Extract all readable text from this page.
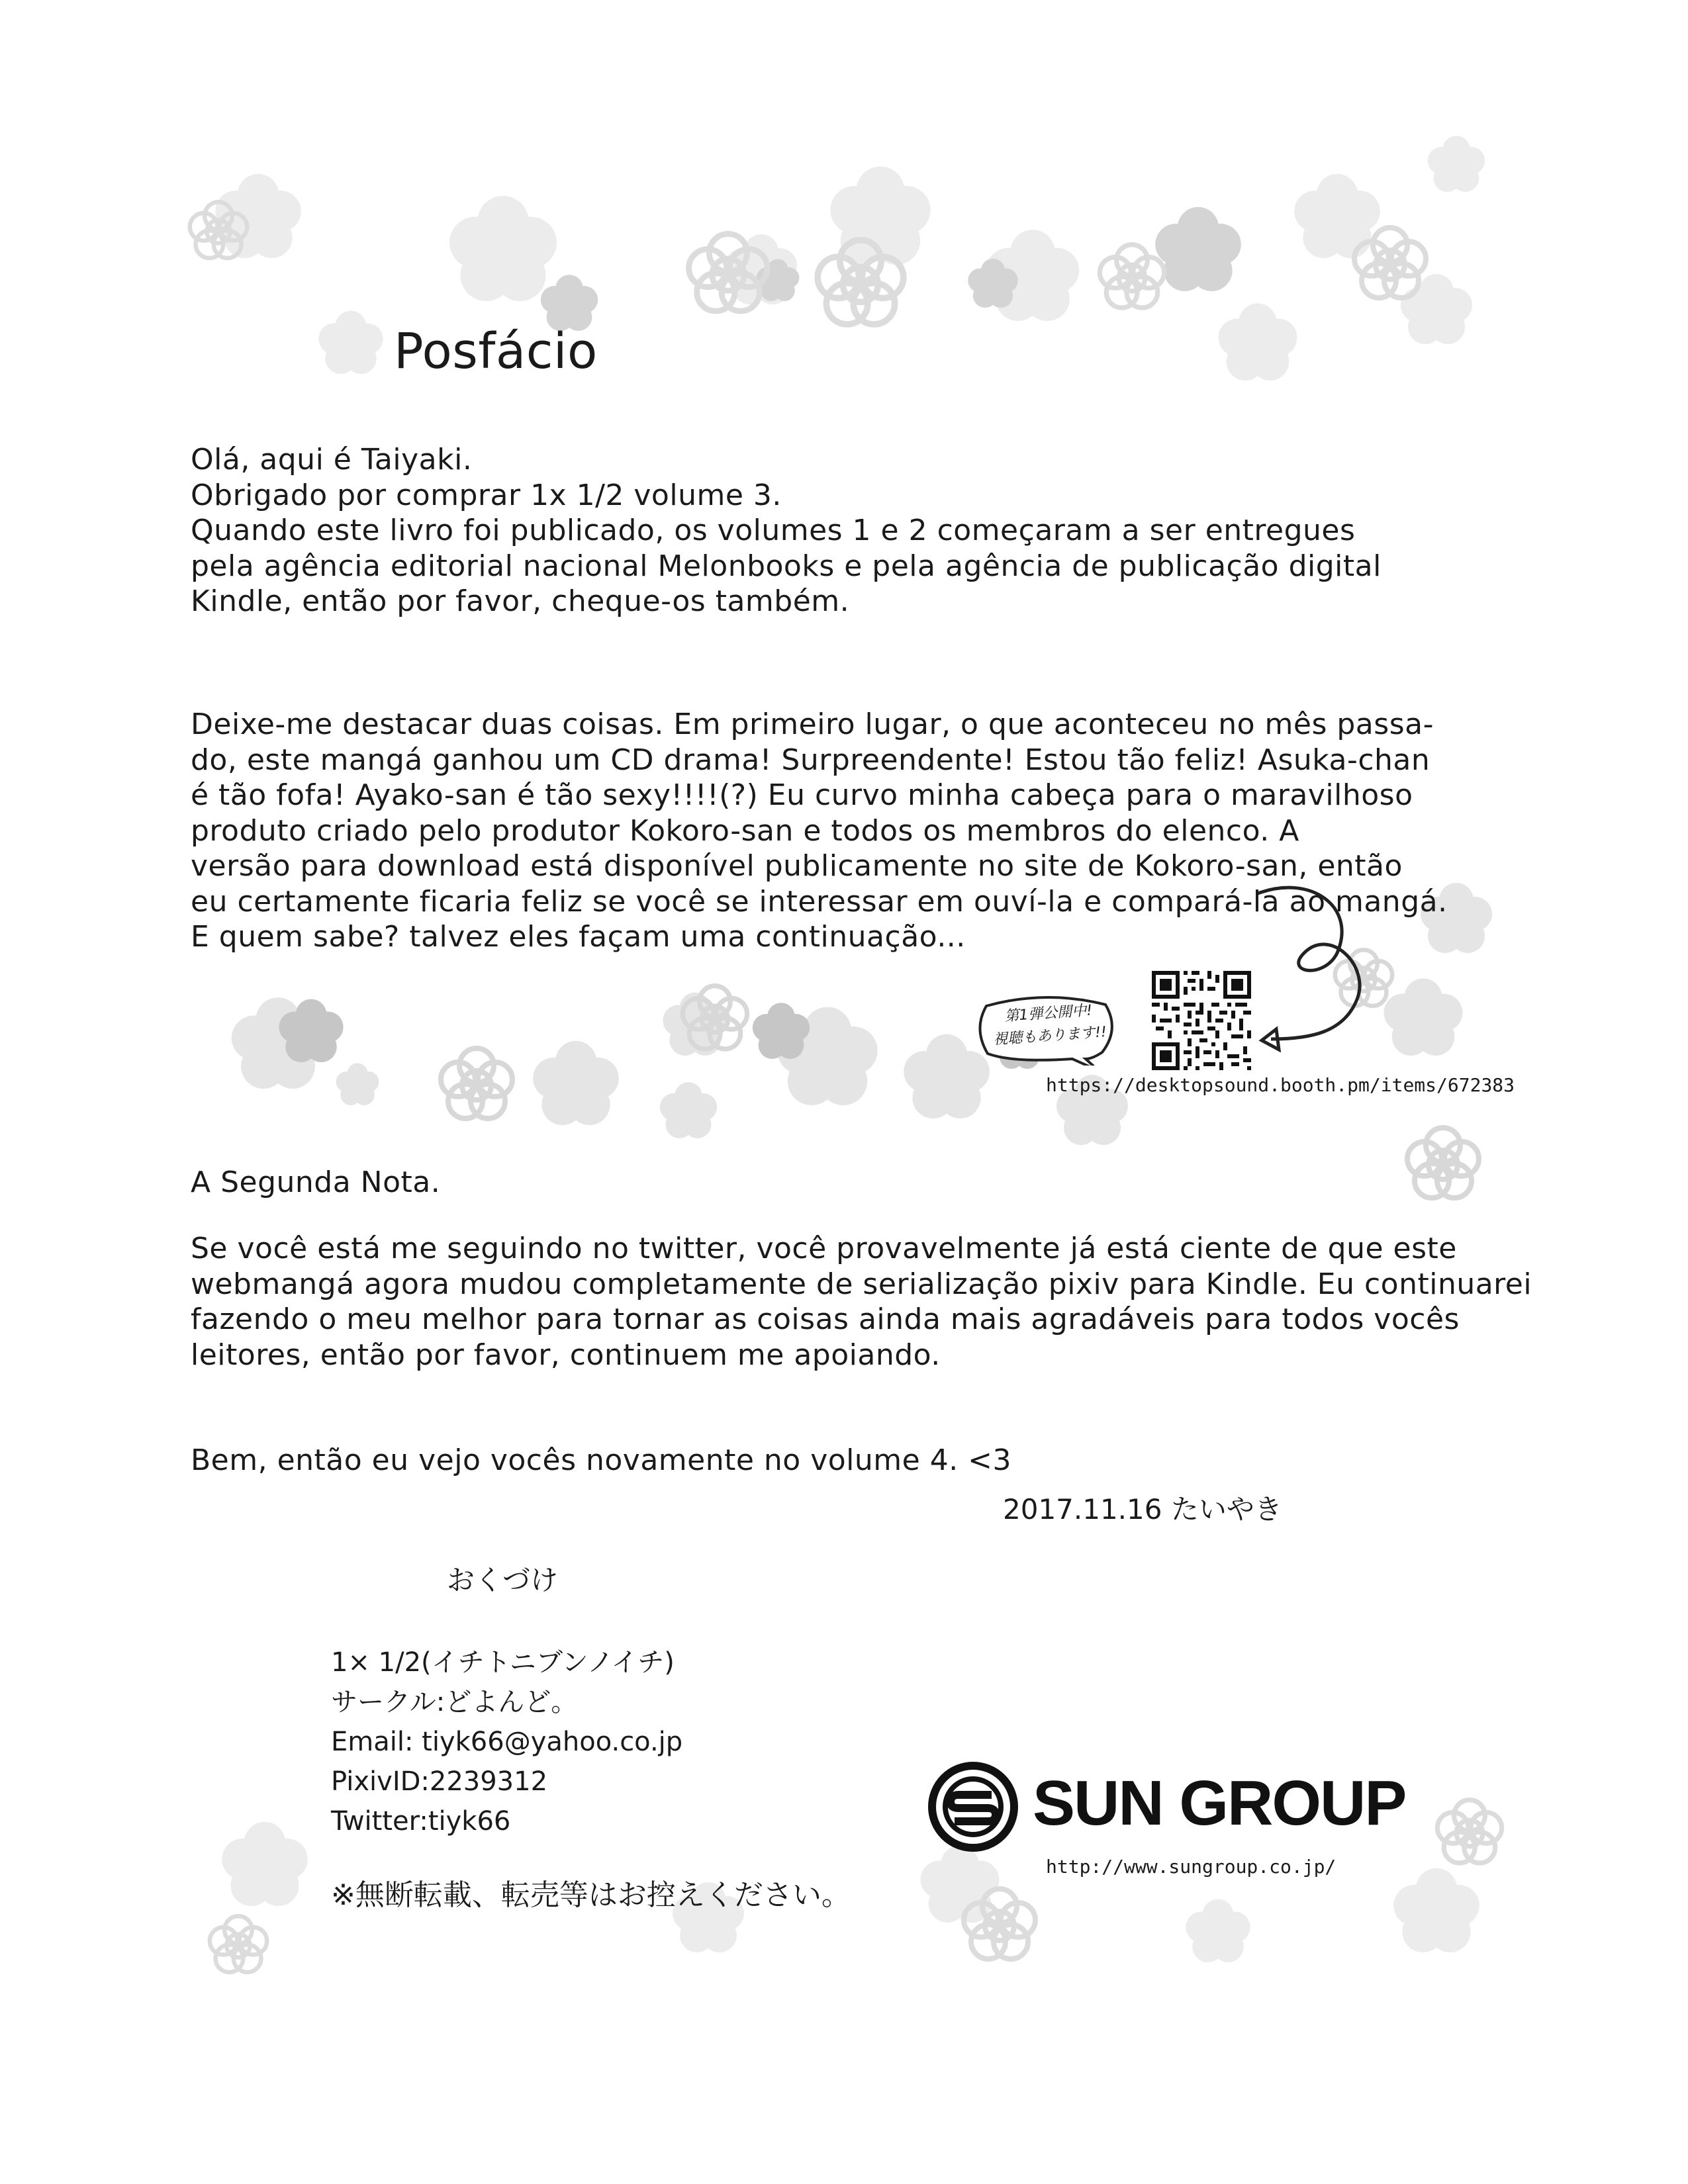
Posfácio
Olá, aqui é Taiyaki.
Obrigado por comprar 1x 1/2 volume 3.
Quando este livro foi publicado, os volumes 1 e 2 começaram a ser entregues
pela agência editorial nacional Melonbooks e pela agência de publicação digital
Kindle, então por favor, cheque-os também.
Deixe-me destacar duas coisas. Em primeiro lugar, o que aconteceu no mês passa-
do, este mangá ganhou um CD drama! Surpreendente! Estou tão feliz! Asuka-chan
é tão fofa! Ayako-san é tão sexy!!!!(?) Eu curvo minha cabeça para o maravilhoso
produto criado pelo produtor Kokoro-san e todos os membros do elenco. A
versão para download está disponível publicamente no site de Kokoro-san, então
eu certamente ficaria feliz se você se interessar em ouví-la e compará-la ao mangá.
E quem sabe? talvez eles façam uma continuação...
第1弾公開中!
視聴もあります!!
https://desktopsound.booth.pm/items/672383
A Segunda Nota.
Se você está me seguindo no twitter, você provavelmente já está ciente de que este
webmangá agora mudou completamente de serialização pixiv para Kindle. Eu continuarei
fazendo o meu melhor para tornar as coisas ainda mais agradáveis para todos vocês
leitores, então por favor, continuem me apoiando.
Bem, então eu vejo vocês novamente no volume 4. <3
2017.11.16 たいやき
おくづけ
1× 1/2(イチトニブンノイチ)
サークル:どよんど。
Email: tiyk66@yahoo.co.jp
PixivID:2239312
Twitter:tiyk66	SUN GROUP
http://www.sungroup.co.jp/
※無断転載、転売等はお控えください。
